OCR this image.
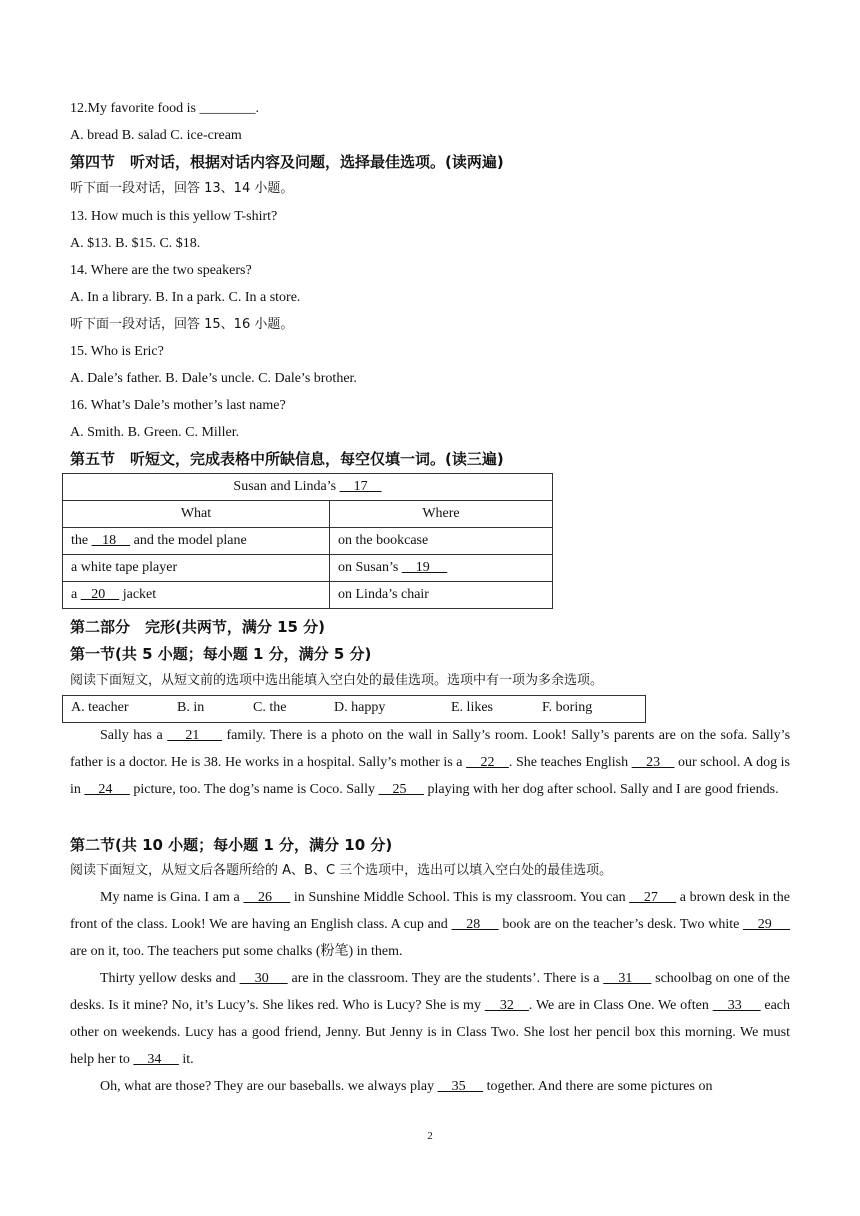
12.My favorite food is ________.
A. bread B. salad C. ice-cream
第四节　听对话，根据对话内容及问题，选择最佳选项。(读两遍)
听下面一段对话，回答 13、14 小题。
13. How much is this yellow T-shirt?
A. $13. B. $15. C. $18.
14. Where are the two speakers?
A. In a library. B. In a park. C. In a store.
听下面一段对话，回答 15、16 小题。
15. Who is Eric?
A. Dale’s father. B. Dale’s uncle. C. Dale’s brother.
16. What’s Dale’s mother’s last name?
A. Smith. B. Green. C. Miller.
第五节　听短文，完成表格中所缺信息，每空仅填一词。(读三遍)
Susan and Linda’s     17	
What	Where
the    18     and the model plane	on the bookcase
a white tape player	on Susan’s     19
a    20     jacket	on Linda’s chair
第二部分　完形(共两节，满分 15 分)
第一节(共 5 小题；每小题 1 分，满分 5 分)
阅读下面短文，从短文前的选项中选出能填入空白处的最佳选项。选项中有一项为多余选项。
A. teacher	B. in	C. the	D. happy	E. likes	F. boring

Sally has a     21      family. There is a photo on the wall in Sally’s room. Look! Sally’s parents are on the sofa. Sally’s father is a doctor. He is 38. He works in a hospital. Sally’s mother is a     22    . She teaches English     23     our school. A dog is in     24      picture, too. The dog’s name is Coco. Sally     25      playing with her dog after school. Sally and I are good friends.

第二节(共 10 小题；每小题 1 分，满分 10 分)
阅读下面短文，从短文后各题所给的 A、B、C 三个选项中，选出可以填入空白处的最佳选项。

My name is Gina. I am a     26      in Sunshine Middle School. This is my classroom. You can     27      a brown desk in the front of the class. Look! We are having an English class. A cup and     28      book are on the teacher’s desk. Two white     29      are on it, too. The teachers put some chalks (粉笔) in them.

Thirty yellow desks and     30      are in the classroom. They are the students’. There is a     31      schoolbag on one of the desks. Is it mine? No, it’s Lucy’s. She likes red. Who is Lucy? She is my     32    . We are in Class One. We often     33      each other on weekends. Lucy has a good friend, Jenny. But Jenny is in Class Two. She lost her pencil box this morning. We must help her to     34      it.

Oh, what are those? They are our baseballs. we always play     35      together. And there are some pictures on

2
